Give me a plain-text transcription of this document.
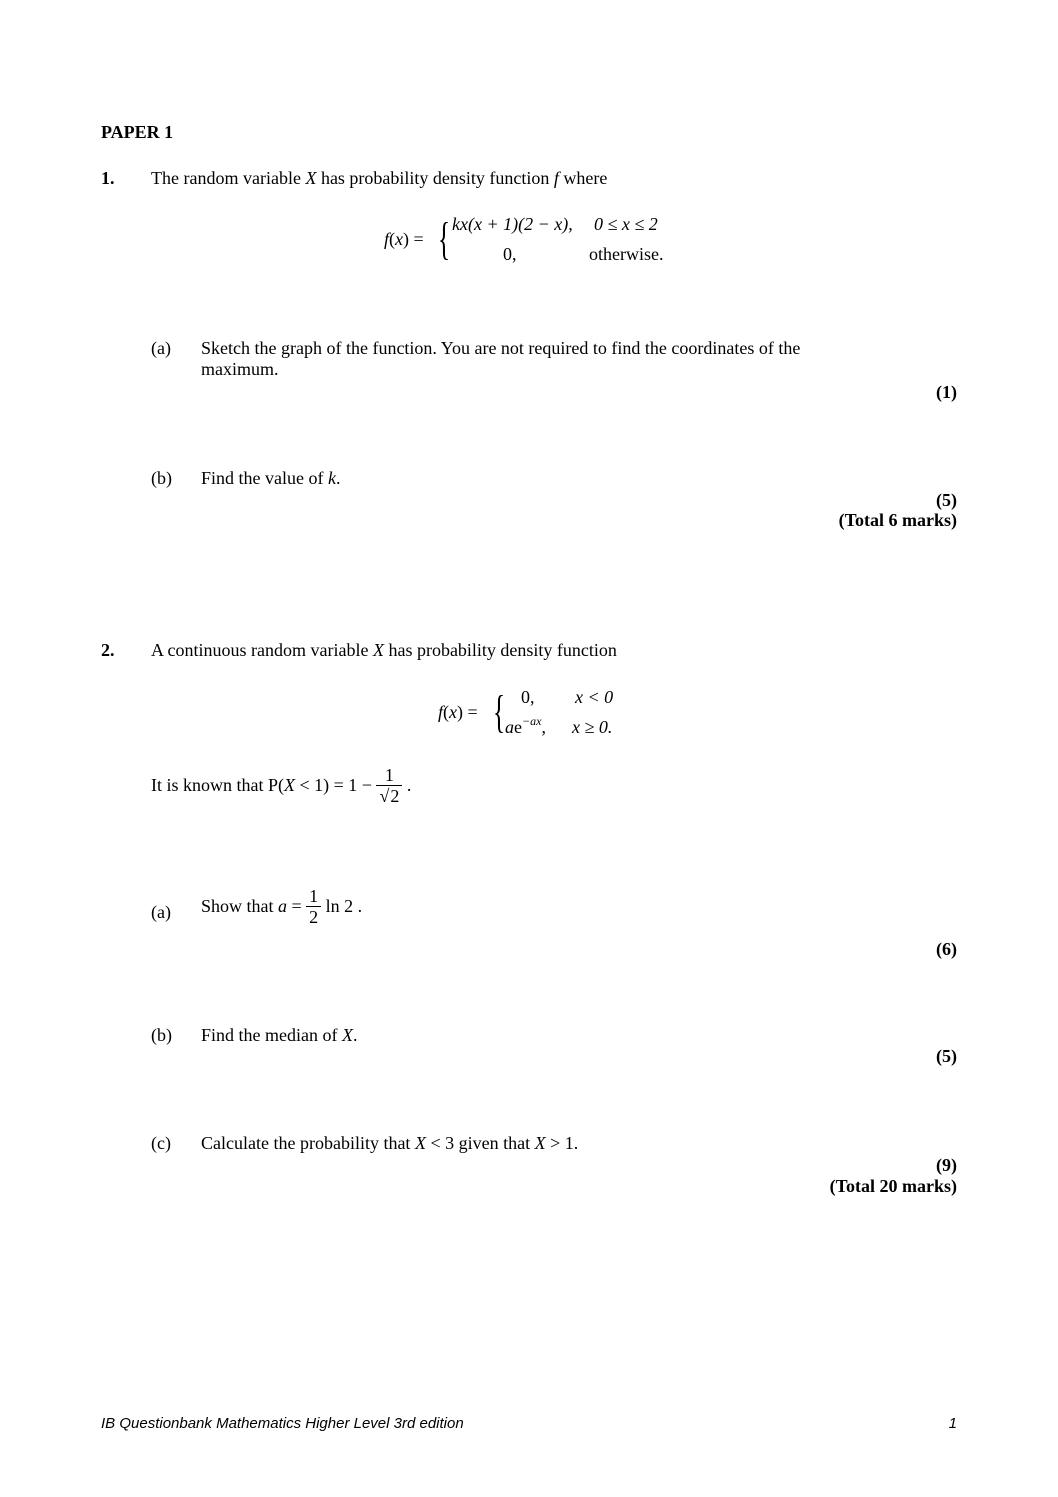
PAPER 1
1. The random variable X has probability density function f where
f(x) = { kx(x + 1)(2 − x), 0 ≤ x ≤ 2
0,	otherwise.
(a) Sketch the graph of the function. You are not required to find the coordinates of the
maximum.
(1)
(b) Find the value of k.
(5)
(Total 6 marks)
2. A continuous random variable X has probability density function
f(x) = { 0, x < 0
$ae^{-ax}$, x ≥ 0.
It is known that $P(X < 1) = 1 - \frac{1}{√2}$ .
(a) Show that $a = \frac{1}{2}$ ln 2 .
(6)
(b) Find the median of X.
(5)
(c) Calculate the probability that X < 3 given that X > 1.
(9)
(Total 20 marks)
IB Questionbank Mathematics Higher Level 3rd edition	1
